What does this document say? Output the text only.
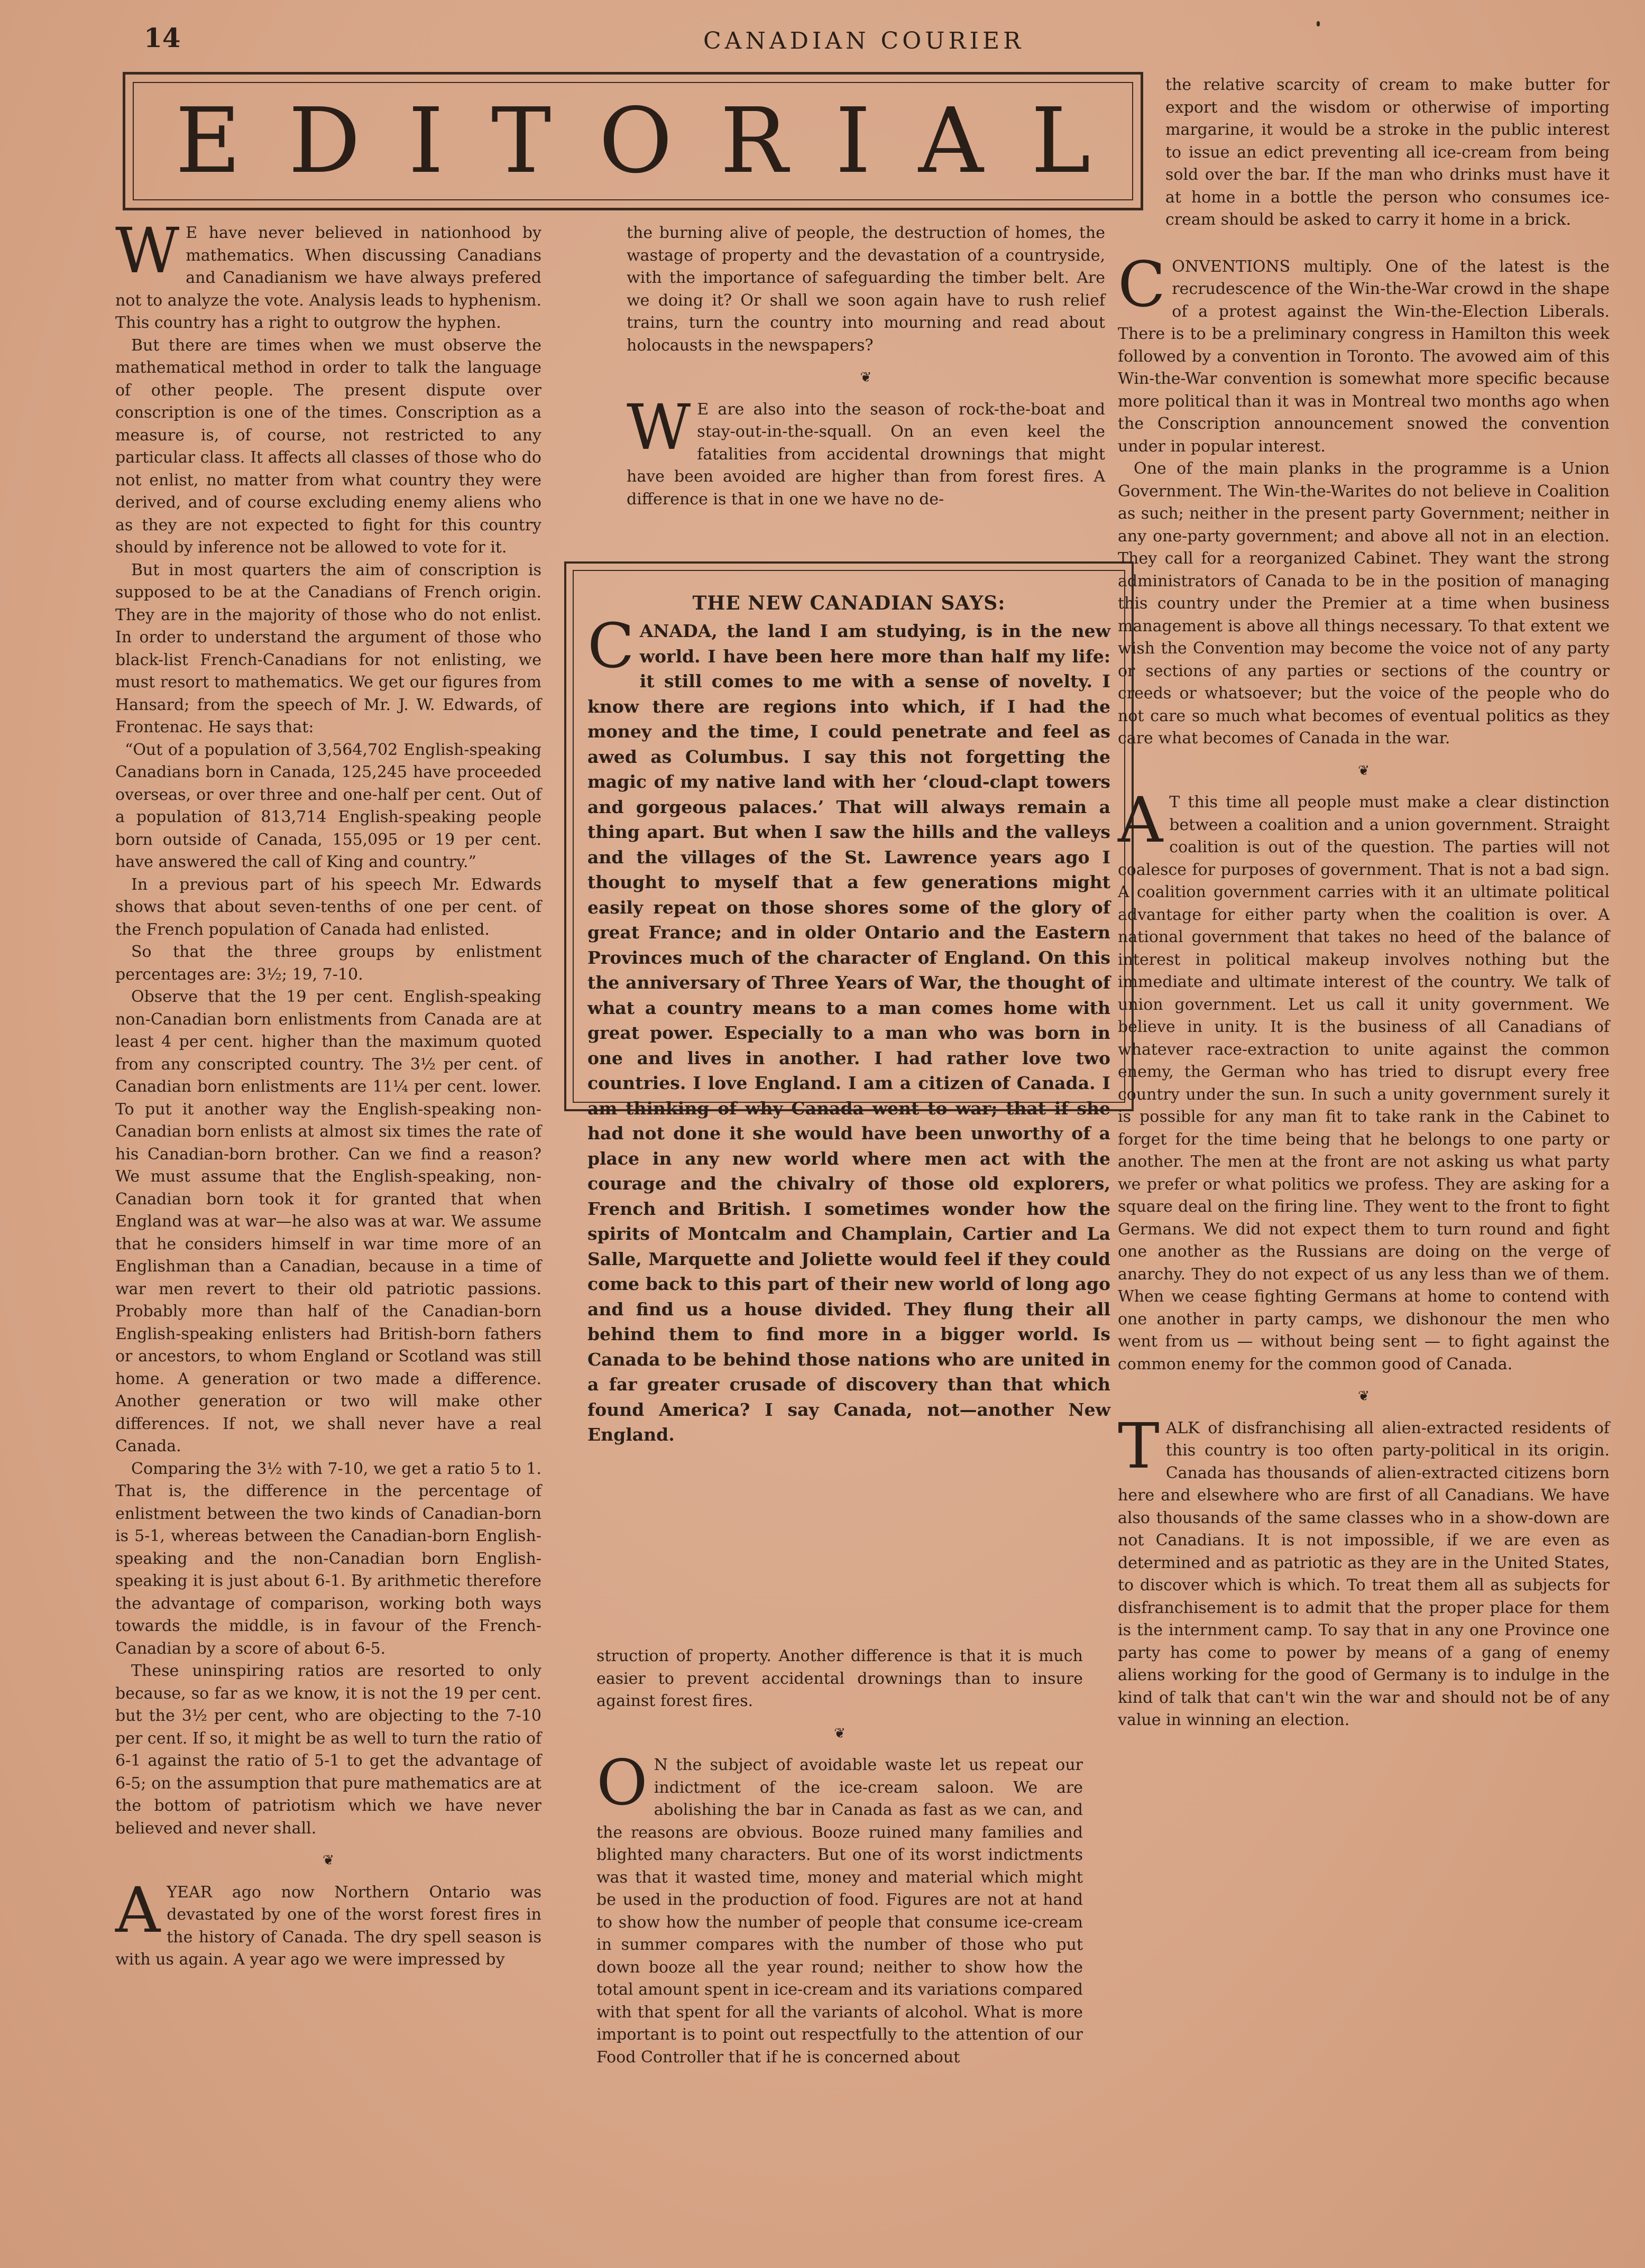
14	CANADIAN COURIER
EDITORIAL

W E have never believed in nationhood by mathematics. When discussing Canadians and Canadianism we have always prefered not to analyze the vote. Analysis leads to hyphenism. This country has a right to outgrow the hyphen.

But there are times when we must observe the mathematical method in order to talk the language of other people. The present dispute over conscription is one of the times. Conscription as a measure is, of course, not restricted to any particular class. It affects all classes of those who do not enlist, no matter from what country they were derived, and of course excluding enemy aliens who as they are not expected to fight for this country should by inference not be allowed to vote for it.

But in most quarters the aim of conscription is supposed to be at the Canadians of French origin. They are in the majority of those who do not enlist. In order to understand the argument of those who black-list French-Canadians for not enlisting, we must resort to mathematics. We get our figures from Hansard; from the speech of Mr. J. W. Edwards, of Frontenac. He says that:

“Out of a population of 3,564,702 English-speaking Canadians born in Canada, 125,245 have proceeded overseas, or over three and one-half per cent. Out of a population of 813,714 English-speaking people born outside of Canada, 155,095 or 19 per cent. have answered the call of King and country.”

In a previous part of his speech Mr. Edwards shows that about seven-tenths of one per cent. of the French population of Canada had enlisted.

So that the three groups by enlistment percentages are: 3½; 19, 7-10.

Observe that the 19 per cent. English-speaking non-Canadian born enlistments from Canada are at least 4 per cent. higher than the maximum quoted from any conscripted country. The 3½ per cent. of Canadian born enlistments are 11¼ per cent. lower. To put it another way the English-speaking non-Canadian born enlists at almost six times the rate of his Canadian-born brother. Can we find a reason? We must assume that the English-speaking, non-Canadian born took it for granted that when England was at war—he also was at war. We assume that he considers himself in war time more of an Englishman than a Canadian, because in a time of war men revert to their old patriotic passions. Probably more than half of the Canadian-born English-speaking enlisters had British-born fathers or ancestors, to whom England or Scotland was still home. A generation or two made a difference. Another generation or two will make other differences. If not, we shall never have a real Canada.

Comparing the 3½ with 7-10, we get a ratio 5 to 1. That is, the difference in the percentage of enlistment between the two kinds of Canadian-born is 5-1, whereas between the Canadian-born English-speaking and the non-Canadian born English-speaking it is just about 6-1. By arithmetic therefore the advantage of comparison, working both ways towards the middle, is in favour of the French-Canadian by a score of about 6-5.

These uninspiring ratios are resorted to only because, so far as we know, it is not the 19 per cent. but the 3½ per cent, who are objecting to the 7-10 per cent. If so, it might be as well to turn the ratio of 6-1 against the ratio of 5-1 to get the advantage of 6-5; on the assumption that pure mathematics are at the bottom of patriotism which we have never believed and never shall.

❦

A YEAR ago now Northern Ontario was devastated by one of the worst forest fires in the history of Canada. The dry spell season is with us again. A year ago we were impressed by

the burning alive of people, the destruction of homes, the wastage of property and the devastation of a countryside, with the importance of safeguarding the timber belt. Are we doing it? Or shall we soon again have to rush relief trains, turn the country into mourning and read about holocausts in the newspapers?

❦

W E are also into the season of rock-the-boat and stay-out-in-the-squall. On an even keel the fatalities from accidental drownings that might have been avoided are higher than from forest fires. A difference is that in one we have no de-

THE NEW CANADIAN SAYS:

CANADA, the land I am studying, is in the new world. I have been here more than half my life: it still comes to me with a sense of novelty. I know there are regions into which, if I had the money and the time, I could penetrate and feel as awed as Columbus. I say this not forgetting the magic of my native land with her ‘cloud-clapt towers and gorgeous palaces.’ That will always remain a thing apart. But when I saw the hills and the valleys and the villages of the St. Lawrence years ago I thought to myself that a few generations might easily repeat on those shores some of the glory of great France; and in older Ontario and the Eastern Provinces much of the character of England. On this the anniversary of Three Years of War, the thought of what a country means to a man comes home with great power. Especially to a man who was born in one and lives in another. I had rather love two countries. I love England. I am a citizen of Canada. I am thinking of why Canada went to war; that if she had not done it she would have been unworthy of a place in any new world where men act with the courage and the chivalry of those old explorers, French and British. I sometimes wonder how the spirits of Montcalm and Champlain, Cartier and La Salle, Marquette and Joliette would feel if they could come back to this part of their new world of long ago and find us a house divided. They flung their all behind them to find more in a bigger world. Is Canada to be behind those nations who are united in a far greater crusade of discovery than that which found America? I say Canada, not—another New England.

struction of property. Another difference is that it is much easier to prevent accidental drownings than to insure against forest fires.

❦

O N the subject of avoidable waste let us repeat our indictment of the ice-cream saloon. We are abolishing the bar in Canada as fast as we can, and the reasons are obvious. Booze ruined many families and blighted many characters. But one of its worst indictments was that it wasted time, money and material which might be used in the production of food. Figures are not at hand to show how the number of people that consume ice-cream in summer compares with the number of those who put down booze all the year round; neither to show how the total amount spent in ice-cream and its variations compared with that spent for all the variants of alcohol. What is more important is to point out respectfully to the attention of our Food Controller that if he is concerned about

the relative scarcity of cream to make butter for export and the wisdom or otherwise of importing margarine, it would be a stroke in the public interest to issue an edict preventing all ice-cream from being sold over the bar. If the man who drinks must have it at home in a bottle the person who consumes ice-cream should be asked to carry it home in a brick.

CONVENTIONS multiply. One of the latest is the recrudescence of the Win-the-War crowd in the shape of a protest against the Win-the-Election Liberals. There is to be a preliminary congress in Hamilton this week followed by a convention in Toronto. The avowed aim of this Win-the-War convention is somewhat more specific because more political than it was in Montreal two months ago when the Conscription announcement snowed the convention under in popular interest.

One of the main planks in the programme is a Union Government. The Win-the-Warites do not believe in Coalition as such; neither in the present party Government; neither in any one-party government; and above all not in an election. They call for a reorganized Cabinet. They want the strong administrators of Canada to be in the position of managing this country under the Premier at a time when business management is above all things necessary. To that extent we wish the Convention may become the voice not of any party or sections of any parties or sections of the country or creeds or whatsoever; but the voice of the people who do not care so much what becomes of eventual politics as they care what becomes of Canada in the war.

❦

A T this time all people must make a clear distinction between a coalition and a union government. Straight coalition is out of the question. The parties will not coalesce for purposes of government. That is not a bad sign. A coalition government carries with it an ultimate political advantage for either party when the coalition is over. A national government that takes no heed of the balance of interest in political makeup involves nothing but the immediate and ultimate interest of the country. We talk of union government. Let us call it unity government. We believe in unity. It is the business of all Canadians of whatever race-extraction to unite against the common enemy, the German who has tried to disrupt every free country under the sun. In such a unity government surely it is possible for any man fit to take rank in the Cabinet to forget for the time being that he belongs to one party or another. The men at the front are not asking us what party we prefer or what politics we profess. They are asking for a square deal on the firing line. They went to the front to fight Germans. We did not expect them to turn round and fight one another as the Russians are doing on the verge of anarchy. They do not expect of us any less than we of them. When we cease fighting Germans at home to contend with one another in party camps, we dishonour the men who went from us — without being sent — to fight against the common enemy for the common good of Canada.

❦

TALK of disfranchising all alien-extracted residents of this country is too often party-political in its origin. Canada has thousands of alien-extracted citizens born here and elsewhere who are first of all Canadians. We have also thousands of the same classes who in a show-down are not Canadians. It is not impossible, if we are even as determined and as patriotic as they are in the United States, to discover which is which. To treat them all as subjects for disfranchisement is to admit that the proper place for them is the internment camp. To say that in any one Province one party has come to power by means of a gang of enemy aliens working for the good of Germany is to indulge in the kind of talk that can't win the war and should not be of any value in winning an election.
